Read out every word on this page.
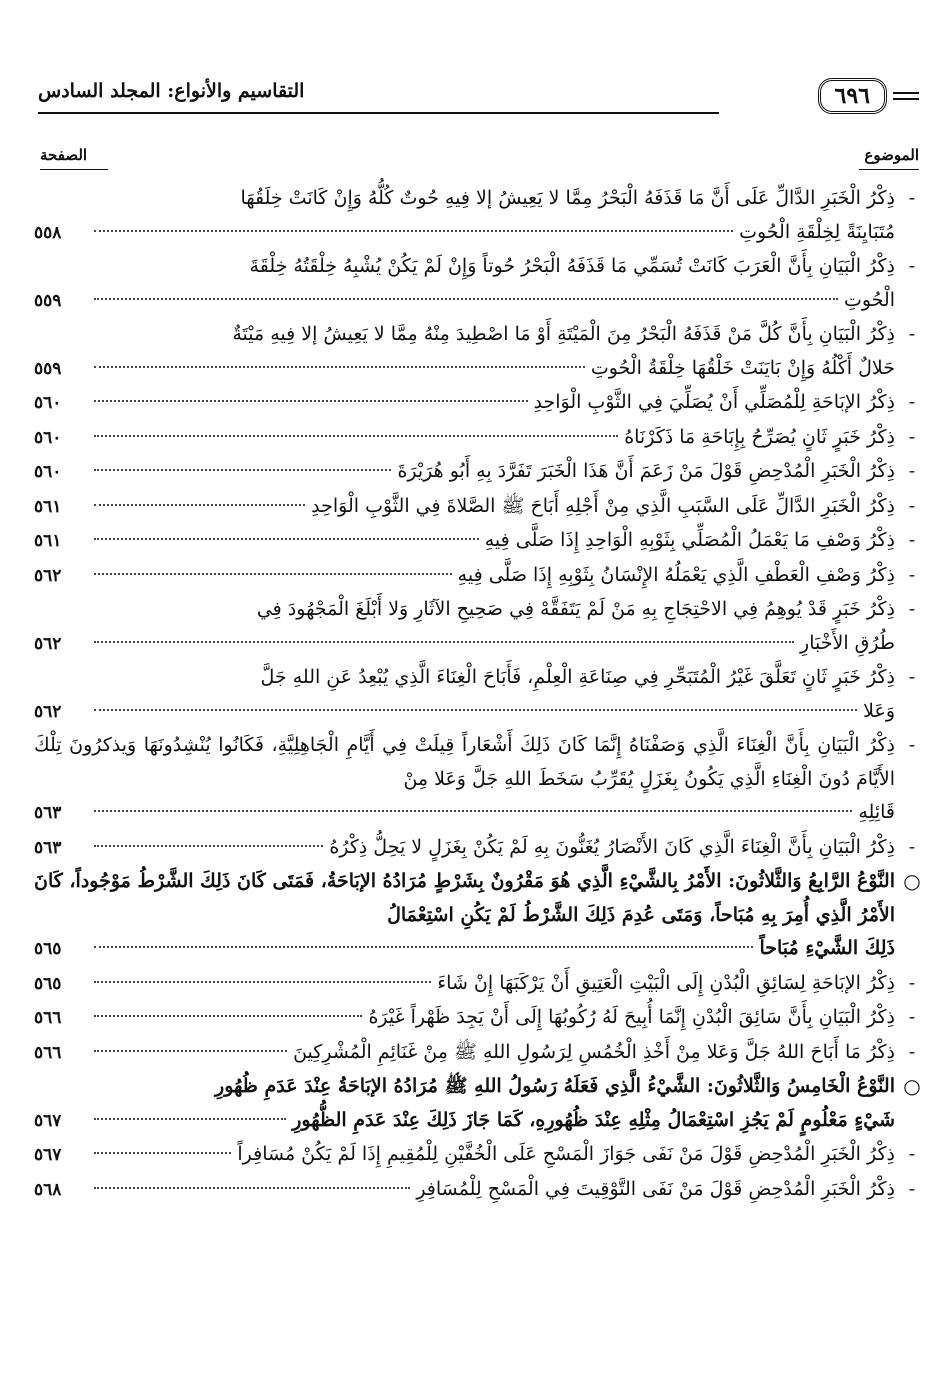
٦٩٦
التقاسيم والأنواع: المجلد السادس
الموضوع
الصفحة
-
ذِكْرُ الْخَبَرِ الدَّالِّ عَلَى أَنَّ مَا قَذَفَهُ الْبَحْرُ مِمَّا لا يَعِيشُ إلا فِيهِ حُوتٌ كُلُّهُ وَإِنْ كَانَتْ خِلَقُهَا
مُتَبَايِنَةً لِخِلْقَةِ الْحُوتِ
٥٥٨
-
ذِكْرُ الْبَيَانِ بِأَنَّ الْعَرَبَ كَانَتْ تُسَمِّي مَا قَذَفَهُ الْبَحْرُ حُوتاً وَإِنْ لَمْ يَكُنْ يُشْبِهُ خِلْقَتُهُ خِلْقَةَ
الْحُوتِ
٥٥٩
-
ذِكْرُ الْبَيَانِ بِأَنَّ كُلَّ مَنْ قَذَفَهُ الْبَحْرُ مِنَ الْمَيْتَةِ أَوْ مَا اصْطِيدَ مِنْهُ مِمَّا لا يَعِيشُ إلا فِيهِ مَيْتَةٌ
حَلالٌ أَكْلُهُ وَإِنْ بَايَنَتْ خَلْقُهَا خِلْقَةُ الْحُوتِ
٥٥٩
-
ذِكْرُ الإبَاحَةِ لِلْمُصَلِّي أَنْ يُصَلِّيَ فِي الثَّوْبِ الْوَاحِدِ
٥٦٠
-
ذِكْرُ خَبَرٍ ثَانٍ يُصَرِّحُ بِإِبَاحَةِ مَا ذَكَرْنَاهُ
٥٦٠
-
ذِكْرُ الْخَبَرِ الْمُدْحِضِ قَوْلَ مَنْ زَعَمَ أَنَّ هَذَا الْخَبَرَ تَفَرَّدَ بِهِ أَبُو هُرَيْرَةَ
٥٦٠
-
ذِكْرُ الْخَبَرِ الدَّالِّ عَلَى السَّبَبِ الَّذِي مِنْ أَجْلِهِ أَبَاحَ ﷺ الصَّلاةَ فِي الثَّوْبِ الْوَاحِدِ
٥٦١
-
ذِكْرُ وَصْفِ مَا يَعْمَلُ الْمُصَلِّي بِثَوْبِهِ الْوَاحِدِ إِذَا صَلَّى فِيهِ
٥٦١
-
ذِكْرُ وَصْفِ الْعَطْفِ الَّذِي يَعْمَلُهُ الإِنْسَانُ بِثَوْبِهِ إِذَا صَلَّى فِيهِ
٥٦٢
-
ذِكْرُ خَبَرٍ قَدْ يُوهِمُ فِي الاحْتِجَاجِ بِهِ مَنْ لَمْ يَتَفَقَّهْ فِي صَحِيحِ الآثَارِ وَلا أَبْلَغَ الْمَجْهُودَ فِي
طُرُقِ الأَخْبَارِ
٥٦٢
-
ذِكْرُ خَبَرٍ ثَانٍ تَعَلَّقَ غَيْرُ الْمُتَبَحِّرِ فِي صِنَاعَةِ الْعِلْمِ، فَأَبَاحَ الْغِنَاءَ الَّذِي يُبْعِدُ عَنِ اللهِ جَلَّ
وَعَلا
٥٦٢
-
ذِكْرُ الْبَيَانِ بِأَنَّ الْغِنَاءَ الَّذِي وَصَفْنَاهُ إِنَّمَا كَانَ ذَلِكَ أَشْعَاراً قِيلَتْ فِي أَيَّامِ الْجَاهِلِيَّةِ، فَكَانُوا يُنْشِدُونَهَا وَيذكرُونَ تِلْكَ الأَيَّامَ دُونَ الْغِنَاءِ الَّذِي يَكُونُ بِغَزَلٍ يُقَرِّبُ سَخَطَ اللهِ جَلَّ وَعَلا مِنْ
قَائِلِهِ
٥٦٣
-
ذِكْرُ الْبَيَانِ بِأَنَّ الْغِنَاءَ الَّذِي كَانَ الأَنْصَارُ يُغَنُّونَ بِهِ لَمْ يَكُنْ بِغَزَلٍ لا يَحِلُّ ذِكْرُهُ
٥٦٣
○
النَّوْعُ الرَّابِعُ وَالثَّلاثُونَ: الأَمْرُ بِالشَّيْءِ الَّذِي هُوَ مَقْرُونٌ بِشَرْطٍ مُرَادُهُ الإبَاحَةُ، فَمَتَى كَانَ ذَلِكَ الشَّرْطُ مَوْجُوداً، كَانَ الأَمْرُ الَّذِي أُمِرَ بِهِ مُبَاحاً، وَمَتَى عُدِمَ ذَلِكَ الشَّرْطُ لَمْ يَكُنِ اسْتِعْمَالُ
ذَلِكَ الشَّيْءِ مُبَاحاً
٥٦٥
-
ذِكْرُ الإبَاحَةِ لِسَائِقِ الْبُدْنِ إِلَى الْبَيْتِ الْعَتِيقِ أَنْ يَرْكَبَهَا إِنْ شَاءَ
٥٦٥
-
ذِكْرُ الْبَيَانِ بِأَنَّ سَائِقَ الْبُدْنِ إِنَّمَا أُبِيحَ لَهُ رُكُوبُهَا إِلَى أَنْ يَجِدَ ظَهْراً غَيْرَهُ
٥٦٦
-
ذِكْرُ مَا أَبَاحَ اللهُ جَلَّ وَعَلا مِنْ أَخْذِ الْخُمُسِ لِرَسُولِ اللهِ ﷺ مِنْ غَنَائِمِ الْمُشْرِكِينَ
٥٦٦
○
النَّوْعُ الْخَامِسُ وَالثَّلاثُونَ: الشَّيْءُ الَّذِي فَعَلَهُ رَسُولُ اللهِ ﷺ مُرَادُهُ الإبَاحَةُ عِنْدَ عَدَمِ ظُهُورِ
شَيْءٍ مَعْلُومٍ لَمْ يَجُزِ اسْتِعْمَالُ مِثْلِهِ عِنْدَ ظُهُورِهِ، كَمَا جَازَ ذَلِكَ عِنْدَ عَدَمِ الظُّهُورِ
٥٦٧
-
ذِكْرُ الْخَبَرِ الْمُدْحِضِ قَوْلَ مَنْ نَفَى جَوَازَ الْمَسْحِ عَلَى الْخُفَّيْنِ لِلْمُقِيمِ إِذَا لَمْ يَكُنْ مُسَافِراً
٥٦٧
-
ذِكْرُ الْخَبَرِ الْمُدْحِضِ قَوْلَ مَنْ نَفَى التَّوْقِيتَ فِي الْمَسْحِ لِلْمُسَافِرِ
٥٦٨
